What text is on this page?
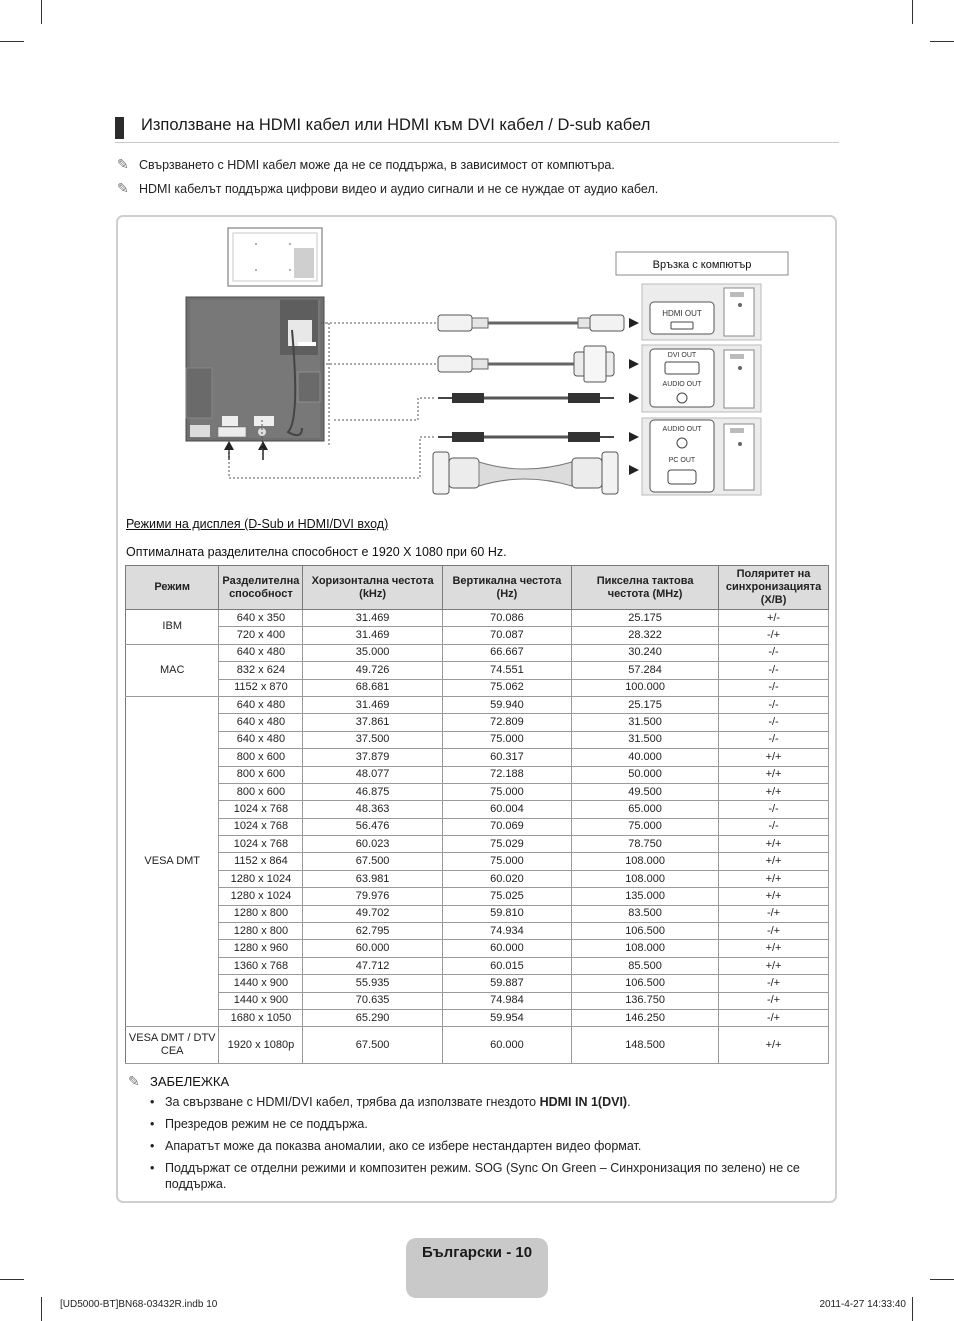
Използване на HDMI кабел или HDMI към DVI кабел / D-sub кабел
✎ Свързването с HDMI кабел може да не се поддържа, в зависимост от компютъра.
✎ HDMI кабелът поддържа цифрови видео и аудио сигнали и не се нуждае от аудио кабел.
Връзка с компютър
HDMI OUT
DVI OUT
AUDIO OUT
AUDIO OUT
PC OUT
Режими на дисплея (D-Sub и HDMI/DVI вход)
Оптималната разделителна способност е 1920 X 1080 при 60 Hz.
Режим	Разделителна способност	Хоризонтална честота (kHz)	Вертикална честота (Hz)	Пикселна тактова честота (MHz)	Поляритет на синхронизацията (Х/В)
IBM	640 x 350	31.469	70.086	25.175	+/-
	720 x 400	31.469	70.087	28.322	-/+
MAC	640 x 480	35.000	66.667	30.240	-/-
	832 x 624	49.726	74.551	57.284	-/-
	1152 x 870	68.681	75.062	100.000	-/-
VESA DMT	640 x 480	31.469	59.940	25.175	-/-
	640 x 480	37.861	72.809	31.500	-/-
	640 x 480	37.500	75.000	31.500	-/-
	800 x 600	37.879	60.317	40.000	+/+
	800 x 600	48.077	72.188	50.000	+/+
	800 x 600	46.875	75.000	49.500	+/+
	1024 x 768	48.363	60.004	65.000	-/-
	1024 x 768	56.476	70.069	75.000	-/-
	1024 x 768	60.023	75.029	78.750	+/+
	1152 x 864	67.500	75.000	108.000	+/+
	1280 x 1024	63.981	60.020	108.000	+/+
	1280 x 1024	79.976	75.025	135.000	+/+
	1280 x 800	49.702	59.810	83.500	-/+
	1280 x 800	62.795	74.934	106.500	-/+
	1280 x 960	60.000	60.000	108.000	+/+
	1360 x 768	47.712	60.015	85.500	+/+
	1440 x 900	55.935	59.887	106.500	-/+
	1440 x 900	70.635	74.984	136.750	-/+
	1680 x 1050	65.290	59.954	146.250	-/+
VESA DMT / DTV CEA	1920 x 1080p	67.500	60.000	148.500	+/+
✎ ЗАБЕЛЕЖКА
• За свързване с HDMI/DVI кабел, трябва да използвате гнездото HDMI IN 1(DVI).
• Презредов режим не се поддържа.
• Апаратът може да показва аномалии, ако се избере нестандартен видео формат.
• Поддържат се отделни режими и композитен режим. SOG (Sync On Green – Синхронизация по зелено) не се поддържа.
Български - 10
[UD5000-BT]BN68-03432R.indb 10	2011-4-27 14:33:40
